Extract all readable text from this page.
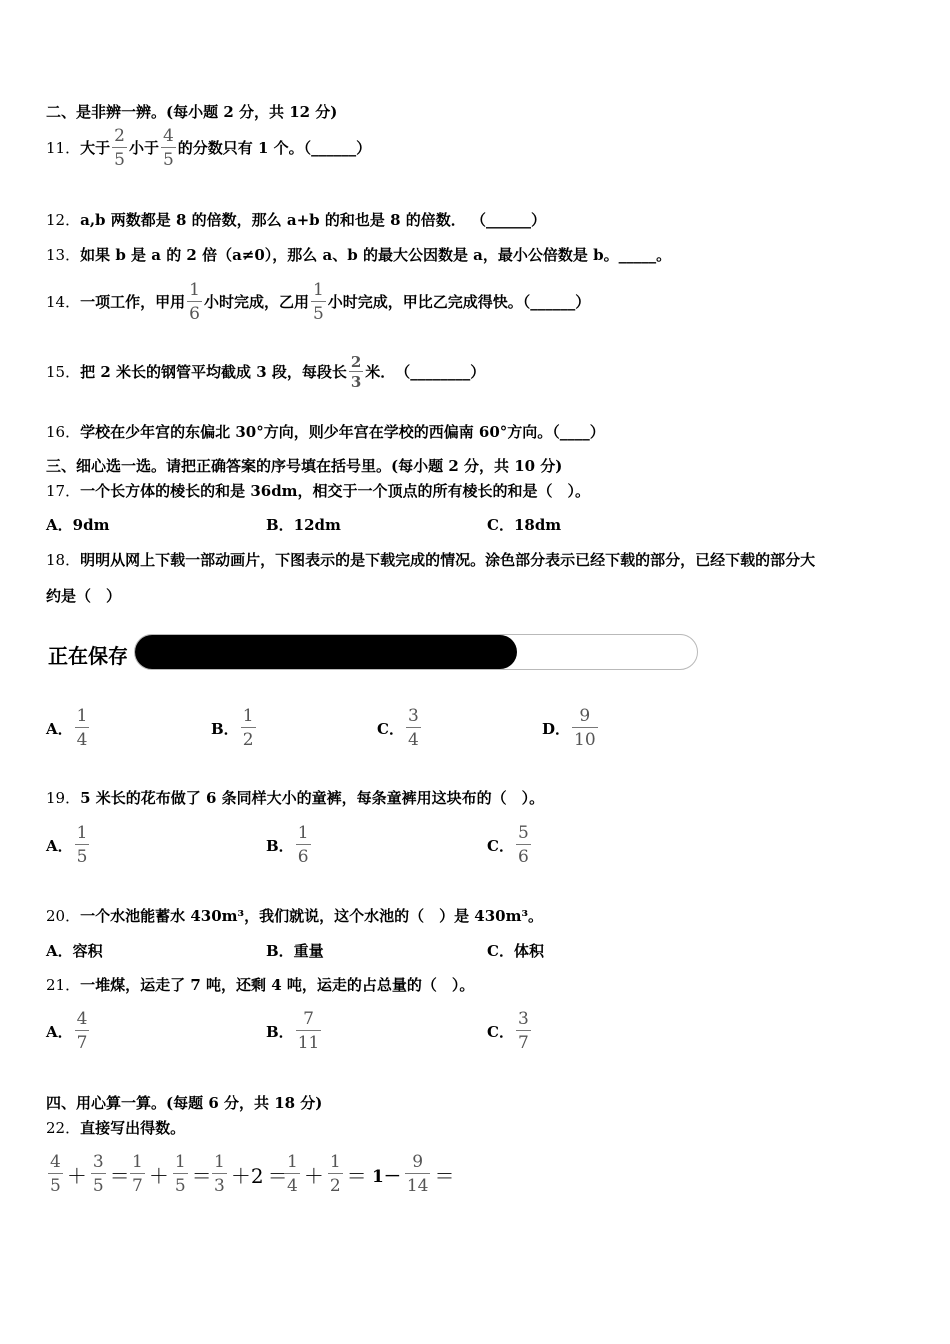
二、是非辨一辨。(每小题 2 分，共 12 分)
11． 大于 $\frac{2}{5}$ 小于 $\frac{4}{5}$ 的分数只有 1 个。（______）
12．a,b 两数都是 8 的倍数，那么 a+b 的和也是 8 的倍数． （______）
13．如果 b 是 a 的 2 倍（a≠0），那么 a、b 的最大公因数是 a，最小公倍数是 b。_____。
14． 一项工作，甲用 $\frac{1}{6}$ 小时完成，乙用 $\frac{1}{5}$ 小时完成，甲比乙完成得快。（______）
15． 把 2 米长的钢管平均截成 3 段，每段长 $\frac{2}{3}$ 米．　（________）
16．学校在少年宫的东偏北 30°方向，则少年宫在学校的西偏南 60°方向。（____）
三、细心选一选。请把正确答案的序号填在括号里。(每小题 2 分，共 10 分)
17．一个长方体的棱长的和是 36dm，相交于一个顶点的所有棱长的和是（　）。
A．9dm	B．12dm	C．18dm
18．明明从网上下载一部动画片，下图表示的是下载完成的情况。涂色部分表示已经下载的部分，已经下载的部分大
约是（　）
正在保存
A． $\frac{1}{4}$	B． $\frac{1}{2}$	C． $\frac{3}{4}$	D． $\frac{9}{10}$
19．5 米长的花布做了 6 条同样大小的童裤，每条童裤用这块布的（　）。
A． $\frac{1}{5}$	B． $\frac{1}{6}$	C． $\frac{5}{6}$
20．一个水池能蓄水 430m³，我们就说，这个水池的（　）是 430m³。
A．容积	B．重量	C．体积
21．一堆煤，运走了 7 吨，还剩 4 吨，运走的占总量的（　）。
A． $\frac{4}{7}$	B． $\frac{7}{11}$	C． $\frac{3}{7}$
四、用心算一算。(每题 6 分，共 18 分)
22．直接写出得数。
$\frac{4}{5} + \frac{3}{5} = \frac{1}{7} + \frac{1}{5} = \frac{1}{3} +2$ ＝
$\frac{1}{4} + \frac{1}{2} = 1- \frac{9}{14}$ ＝
